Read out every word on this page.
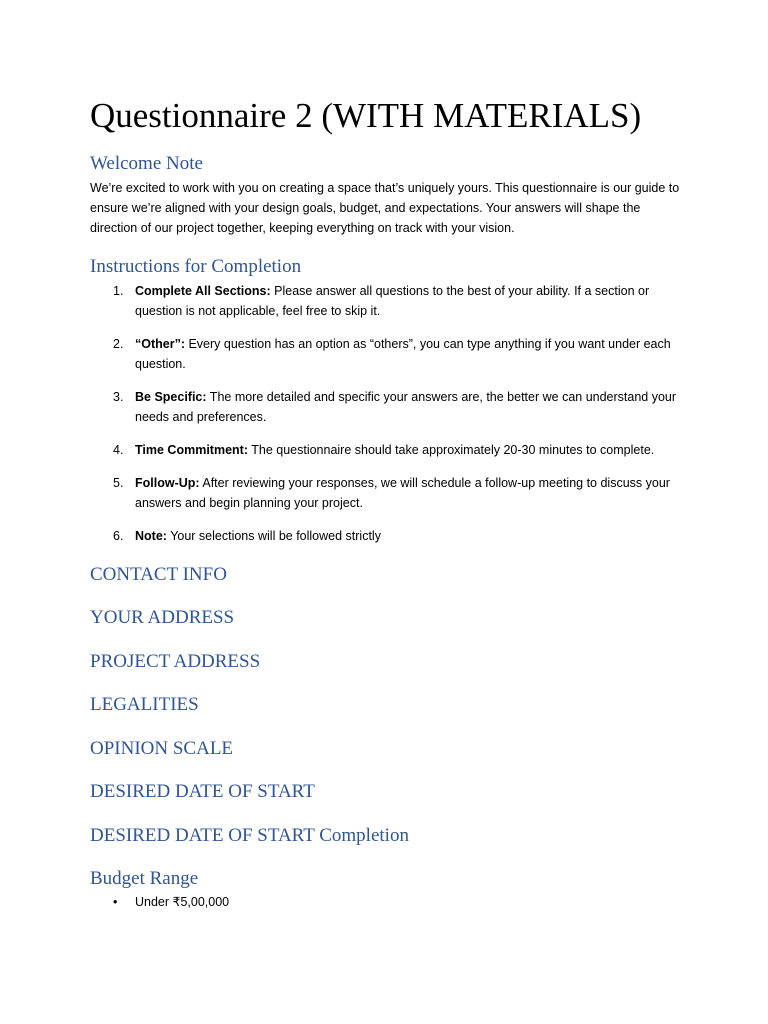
Questionnaire 2 (WITH MATERIALS)
Welcome Note

We’re excited to work with you on creating a space that’s uniquely yours. This questionnaire is our guide to ensure we’re aligned with your design goals, budget, and expectations. Your answers will shape the direction of our project together, keeping everything on track with your vision.

Instructions for Completion
1. Complete All Sections: Please answer all questions to the best of your ability. If a section or question is not applicable, feel free to skip it.
2. “Other”: Every question has an option as “others”, you can type anything if you want under each question.
3. Be Specific: The more detailed and specific your answers are, the better we can understand your needs and preferences.
4. Time Commitment: The questionnaire should take approximately 20-30 minutes to complete.
5. Follow-Up: After reviewing your responses, we will schedule a follow-up meeting to discuss your answers and begin planning your project.
6. Note: Your selections will be followed strictly
CONTACT INFO
YOUR ADDRESS
PROJECT ADDRESS
LEGALITIES
OPINION SCALE
DESIRED DATE OF START
DESIRED DATE OF START Completion
Budget Range
• Under ₹5,00,000
